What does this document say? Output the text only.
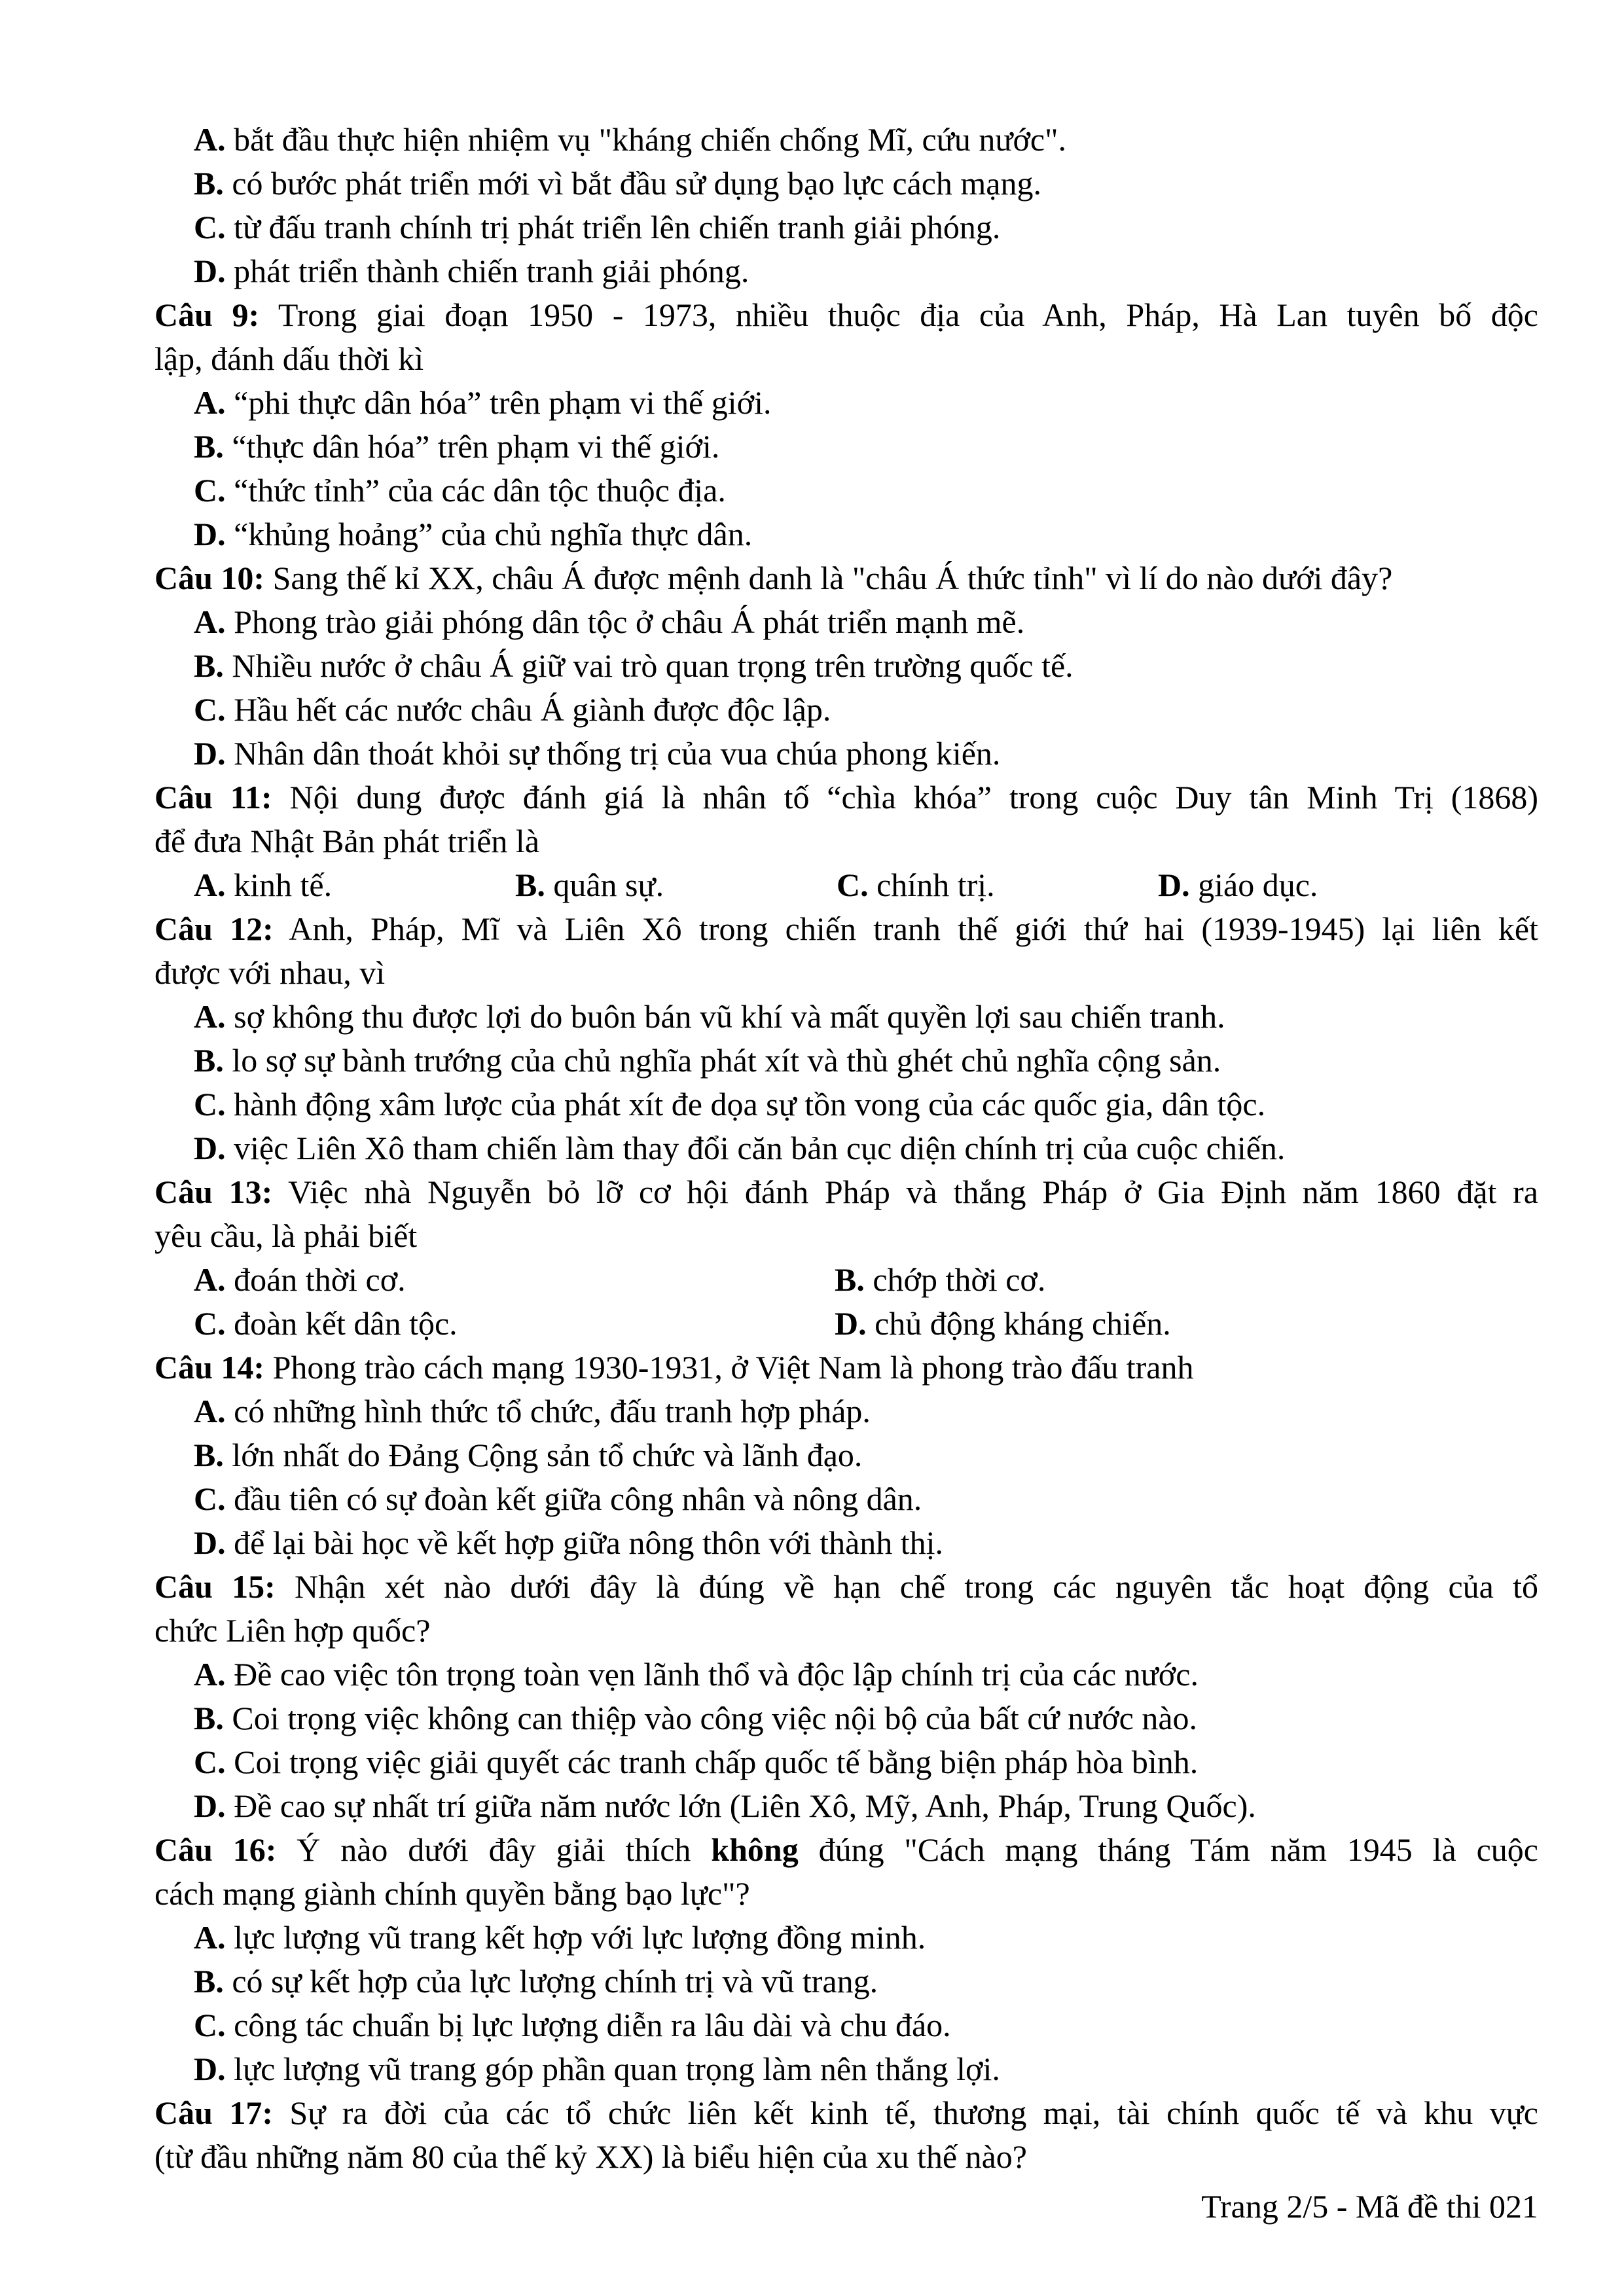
A. bắt đầu thực hiện nhiệm vụ "kháng chiến chống Mĩ, cứu nước".
B. có bước phát triển mới vì bắt đầu sử dụng bạo lực cách mạng.
C. từ đấu tranh chính trị phát triển lên chiến tranh giải phóng.
D. phát triển thành chiến tranh giải phóng.
Câu 9: Trong giai đoạn 1950 - 1973, nhiều thuộc địa của Anh, Pháp, Hà Lan tuyên bố độc
lập, đánh dấu thời kì
A. “phi thực dân hóa” trên phạm vi thế giới.
B. “thực dân hóa” trên phạm vi thế giới.
C. “thức tỉnh” của các dân tộc thuộc địa.
D. “khủng hoảng” của chủ nghĩa thực dân.
Câu 10: Sang thế kỉ XX, châu Á được mệnh danh là "châu Á thức tỉnh" vì lí do nào dưới đây?
A. Phong trào giải phóng dân tộc ở châu Á phát triển mạnh mẽ.
B. Nhiều nước ở châu Á giữ vai trò quan trọng trên trường quốc tế.
C. Hầu hết các nước châu Á giành được độc lập.
D. Nhân dân thoát khỏi sự thống trị của vua chúa phong kiến.
Câu 11: Nội dung được đánh giá là nhân tố “chìa khóa” trong cuộc Duy tân Minh Trị (1868)
để đưa Nhật Bản phát triển là
A. kinh tế.	B. quân sự.	C. chính trị.	D. giáo dục.
Câu 12: Anh, Pháp, Mĩ và Liên Xô trong chiến tranh thế giới thứ hai (1939-1945) lại liên kết
được với nhau, vì
A. sợ không thu được lợi do buôn bán vũ khí và mất quyền lợi sau chiến tranh.
B. lo sợ sự bành trướng của chủ nghĩa phát xít và thù ghét chủ nghĩa cộng sản.
C. hành động xâm lược của phát xít đe dọa sự tồn vong của các quốc gia, dân tộc.
D. việc Liên Xô tham chiến làm thay đổi căn bản cục diện chính trị của cuộc chiến.
Câu 13: Việc nhà Nguyễn bỏ lỡ cơ hội đánh Pháp và thắng Pháp ở Gia Định năm 1860 đặt ra
yêu cầu, là phải biết
A. đoán thời cơ.	B. chớp thời cơ.
C. đoàn kết dân tộc.	D. chủ động kháng chiến.
Câu 14: Phong trào cách mạng 1930-1931, ở Việt Nam là phong trào đấu tranh
A. có những hình thức tổ chức, đấu tranh hợp pháp.
B. lớn nhất do Đảng Cộng sản tổ chức và lãnh đạo.
C. đầu tiên có sự đoàn kết giữa công nhân và nông dân.
D. để lại bài học về kết hợp giữa nông thôn với thành thị.
Câu 15: Nhận xét nào dưới đây là đúng về hạn chế trong các nguyên tắc hoạt động của tổ
chức Liên hợp quốc?
A. Đề cao việc tôn trọng toàn vẹn lãnh thổ và độc lập chính trị của các nước.
B. Coi trọng việc không can thiệp vào công việc nội bộ của bất cứ nước nào.
C. Coi trọng việc giải quyết các tranh chấp quốc tế bằng biện pháp hòa bình.
D. Đề cao sự nhất trí giữa năm nước lớn (Liên Xô, Mỹ, Anh, Pháp, Trung Quốc).
Câu 16: Ý nào dưới đây giải thích không đúng "Cách mạng tháng Tám năm 1945 là cuộc
cách mạng giành chính quyền bằng bạo lực"?
A. lực lượng vũ trang kết hợp với lực lượng đồng minh.
B. có sự kết hợp của lực lượng chính trị và vũ trang.
C. công tác chuẩn bị lực lượng diễn ra lâu dài và chu đáo.
D. lực lượng vũ trang góp phần quan trọng làm nên thắng lợi.
Câu 17: Sự ra đời của các tổ chức liên kết kinh tế, thương mại, tài chính quốc tế và khu vực
(từ đầu những năm 80 của thế kỷ XX) là biểu hiện của xu thế nào?
Trang 2/5 - Mã đề thi 021
